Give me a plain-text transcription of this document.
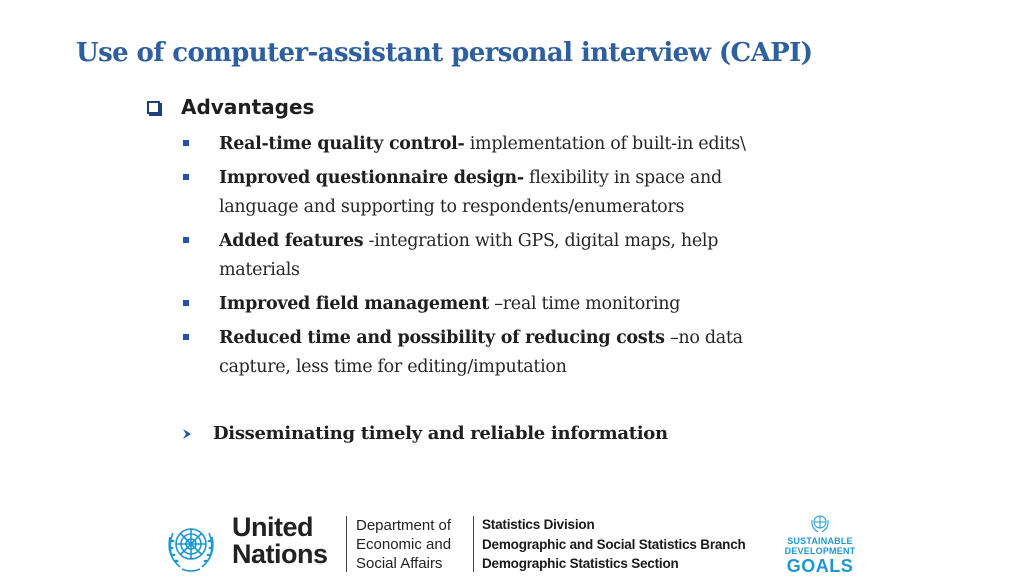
Use of computer-assistant personal interview (CAPI)
Advantages
Real-time quality control- implementation of built-in edits\
Improved questionnaire design- flexibility in space and language and supporting to respondents/enumerators
Added features -integration with GPS, digital maps, help materials
Improved field management –real time monitoring
Reduced time and possibility of reducing costs –no data capture, less time for editing/imputation
Disseminating timely and reliable information
United
Nations
Department of
Economic and
Social Affairs
Statistics Division
Demographic and Social Statistics Branch
Demographic Statistics Section
SUSTAINABLE
DEVELOPMENT
GOALS
